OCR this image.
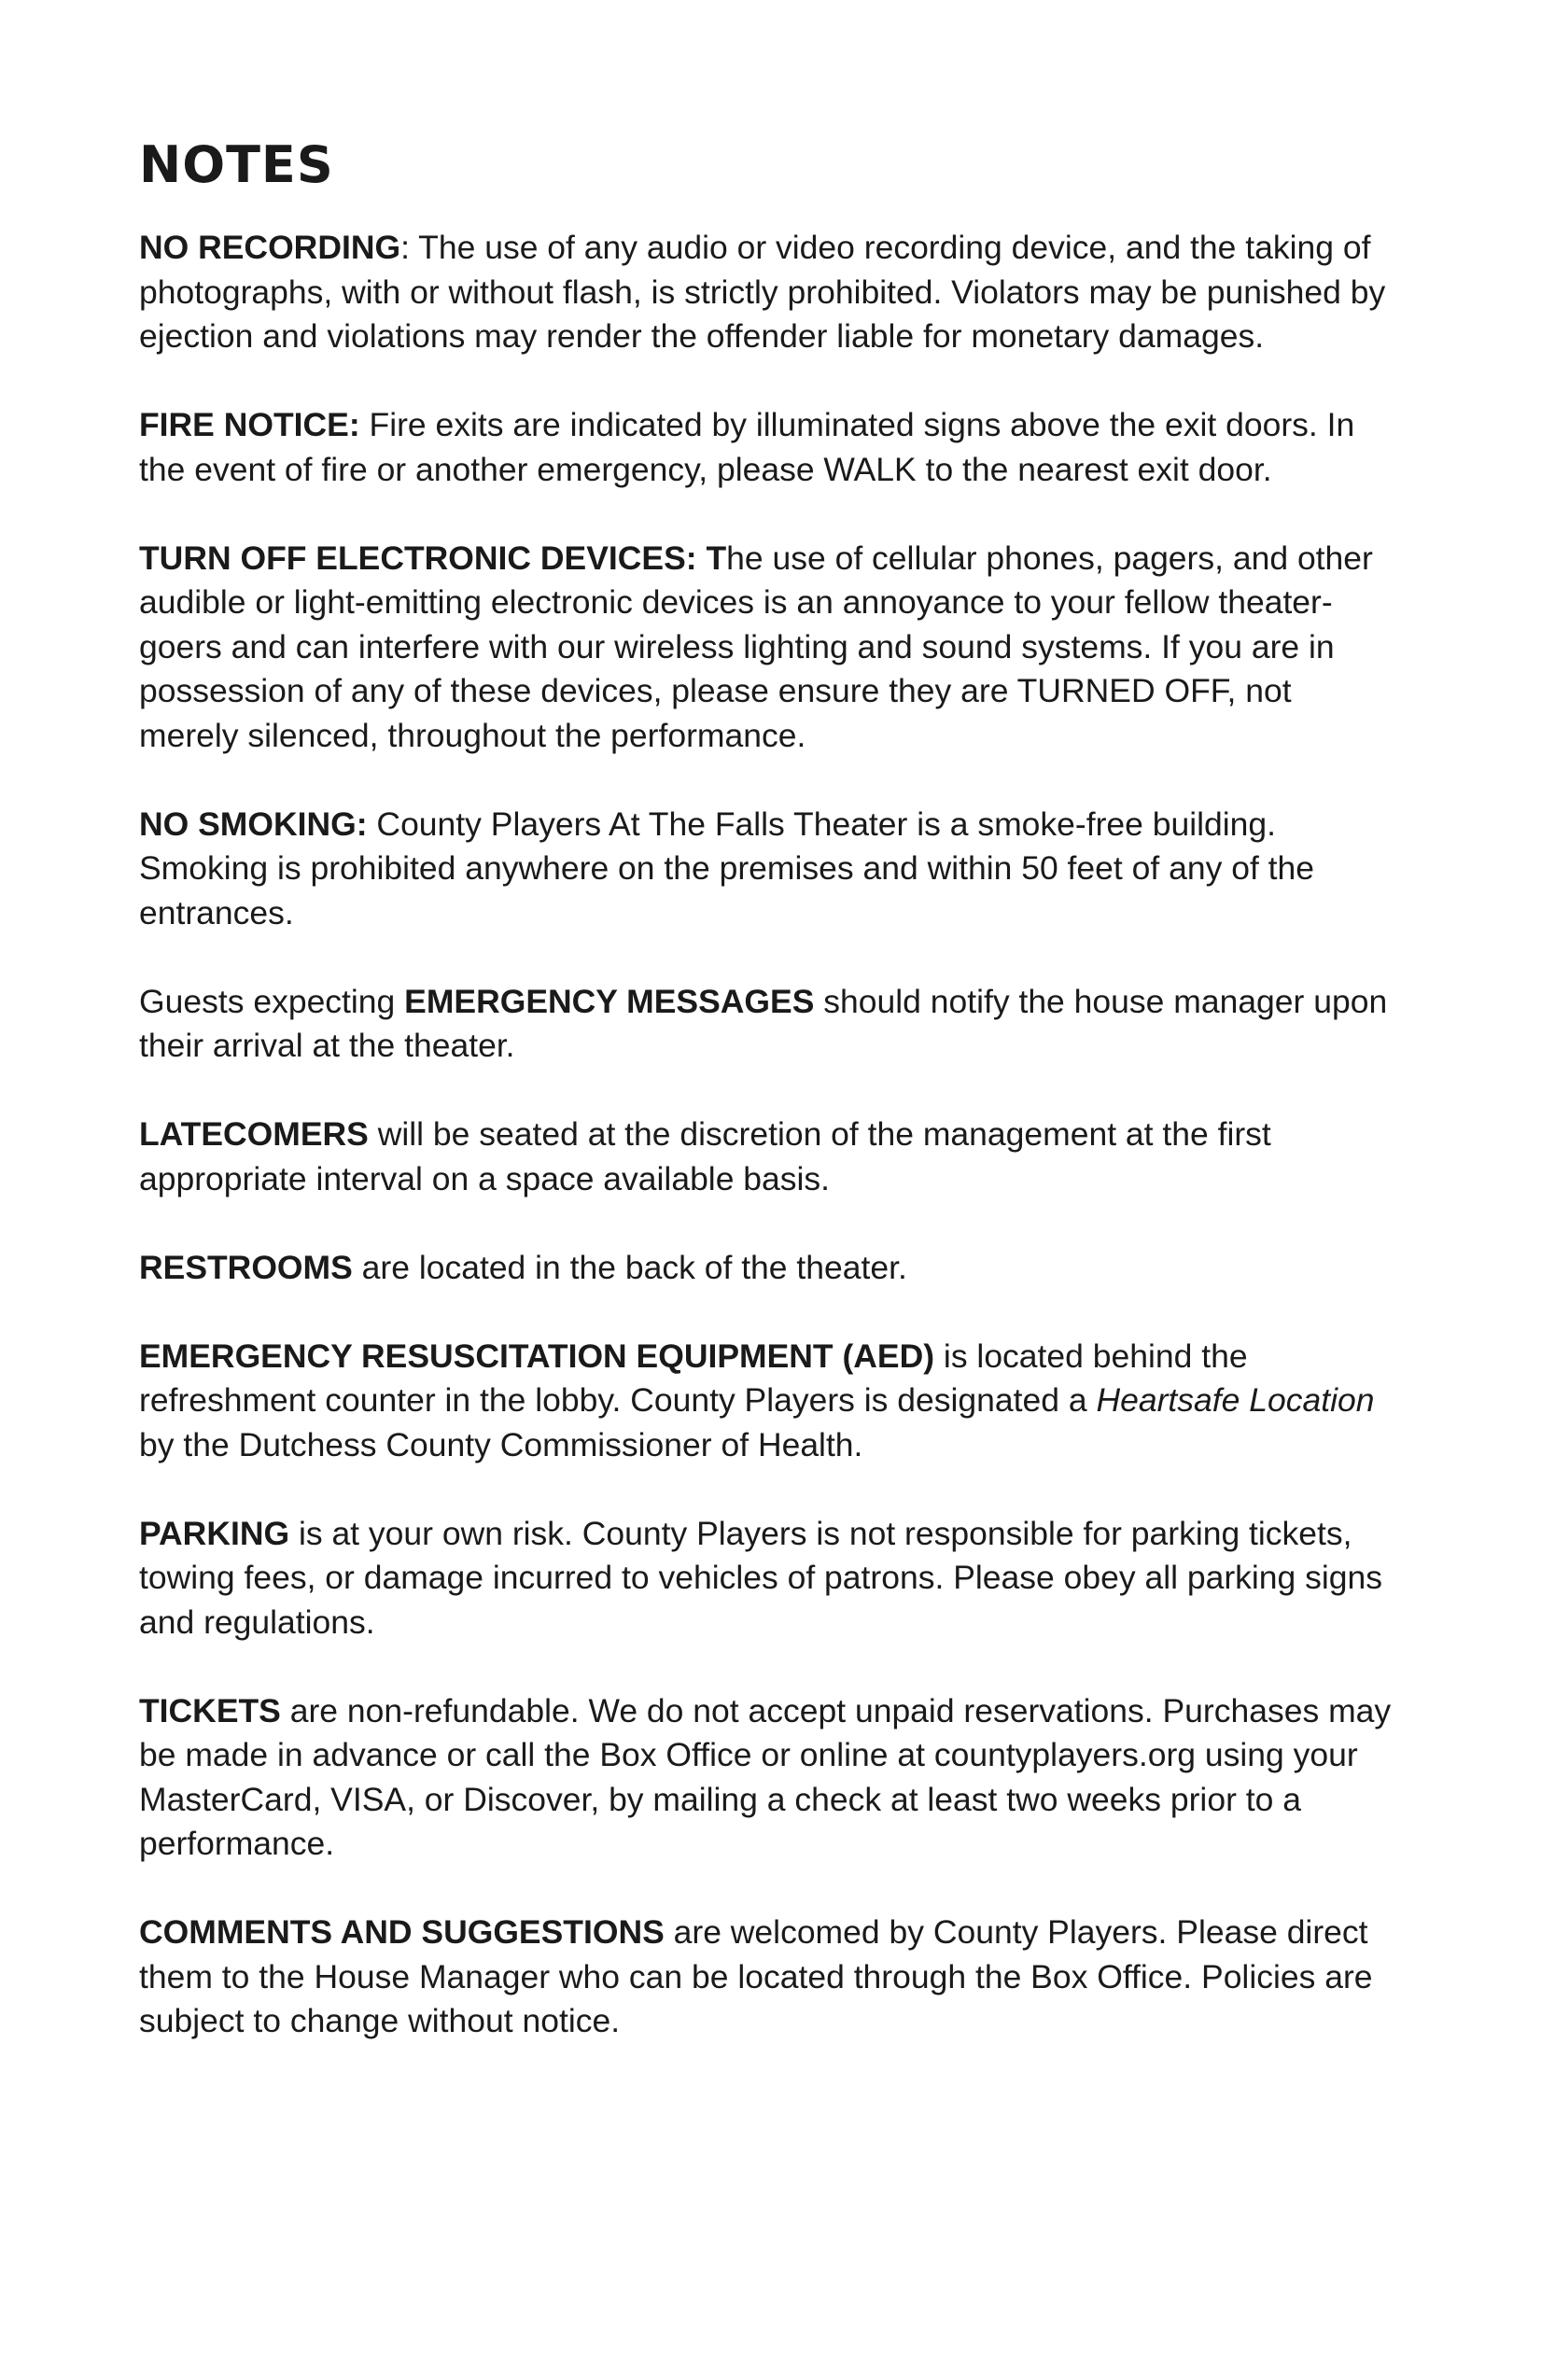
NOTES

NO RECORDING: The use of any audio or video recording device, and the taking of photographs, with or without flash, is strictly prohibited. Violators may be punished by ejection and violations may render the offender liable for monetary damages.

FIRE NOTICE: Fire exits are indicated by illuminated signs above the exit doors. In the event of fire or another emergency, please WALK to the nearest exit door.

TURN OFF ELECTRONIC DEVICES: The use of cellular phones, pagers, and other audible or light-emitting electronic devices is an annoyance to your fellow theater-goers and can interfere with our wireless lighting and sound systems. If you are in possession of any of these devices, please ensure they are TURNED OFF, not merely silenced, throughout the performance.

NO SMOKING: County Players At The Falls Theater is a smoke-free building. Smoking is prohibited anywhere on the premises and within 50 feet of any of the entrances.

Guests expecting EMERGENCY MESSAGES should notify the house manager upon their arrival at the theater.

LATECOMERS will be seated at the discretion of the management at the first appropriate interval on a space available basis.

RESTROOMS are located in the back of the theater.

EMERGENCY RESUSCITATION EQUIPMENT (AED) is located behind the refreshment counter in the lobby. County Players is designated a Heartsafe Location by the Dutchess County Commissioner of Health.

PARKING is at your own risk. County Players is not responsible for parking tickets, towing fees, or damage incurred to vehicles of patrons. Please obey all parking signs and regulations.

TICKETS are non-refundable. We do not accept unpaid reservations. Purchases may be made in advance or call the Box Office or online at countyplayers.org using your MasterCard, VISA, or Discover, by mailing a check at least two weeks prior to a performance.

COMMENTS AND SUGGESTIONS are welcomed by County Players. Please direct them to the House Manager who can be located through the Box Office. Policies are subject to change without notice.
